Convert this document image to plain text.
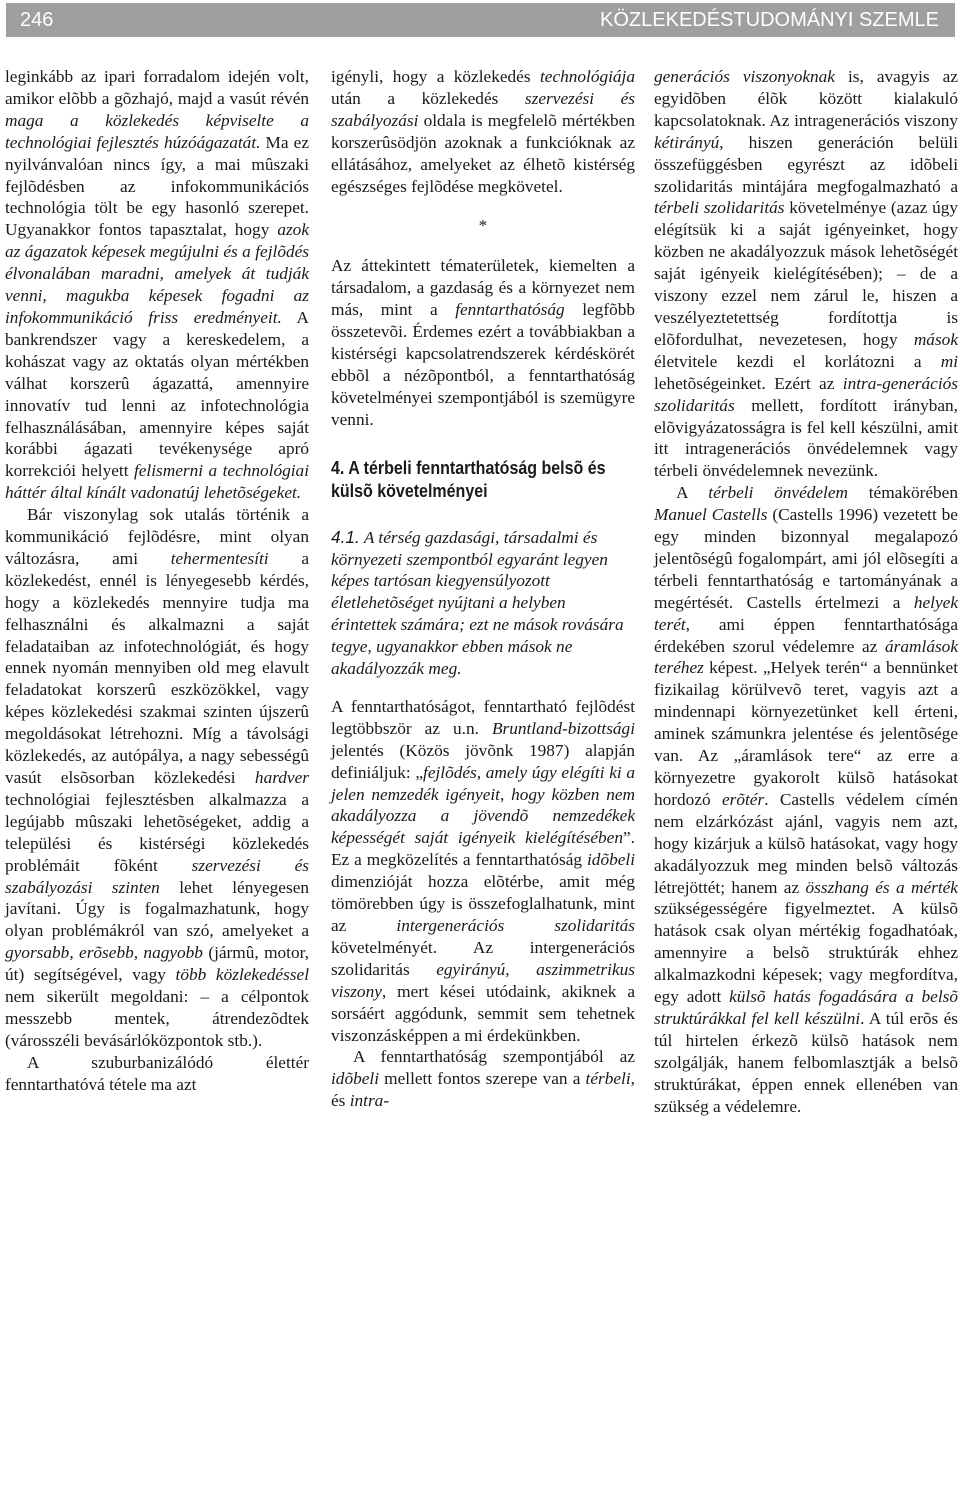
246	KÖZLEKEDÉSTUDOMÁNYI SZEMLE

leginkább az ipari forradalom idején volt, amikor elõbb a gõzhajó, majd a vasút révén maga a közlekedés képviselte a technológiai fejlesztés húzóágazatát. Ma ez nyilvánvalóan nincs így, a mai mûszaki fejlõdésben az infokommunikációs technológia tölt be egy hasonló szerepet. Ugyanakkor fontos tapasztalat, hogy azok az ágazatok képesek megújulni és a fejlõdés élvonalában maradni, amelyek át tudják venni, magukba képesek fogadni az infokommunikáció friss eredményeit. A bankrendszer vagy a kereskedelem, a kohászat vagy az oktatás olyan mértékben válhat korszerû ágazattá, amennyire innovatív tud lenni az infotechnológia felhasználásában, amennyire képes saját korábbi ágazati tevékenysége apró korrekciói helyett felismerni a technológiai háttér által kínált vadonatúj lehetõségeket.

Bár viszonylag sok utalás történik a kommunikáció fejlõdésre, mint olyan változásra, ami tehermentesíti a közlekedést, ennél is lényegesebb kérdés, hogy a közlekedés mennyire tudja ma felhasználni és alkalmazni a saját feladataiban az infotechnológiát, és hogy ennek nyomán mennyiben old meg elavult feladatokat korszerû eszközökkel, vagy képes közlekedési szakmai szinten újszerû megoldásokat létrehozni. Míg a távolsági közlekedés, az autópálya, a nagy sebességû vasút elsõsorban közlekedési hardver technológiai fejlesztésben alkalmazza a legújabb mûszaki lehetõségeket, addig a települési és kistérségi közlekedés problémáit fõként szervezési és szabályozási szinten lehet lényegesen javítani. Úgy is fogalmazhatunk, hogy olyan problémákról van szó, amelyeket a gyorsabb, erõsebb, nagyobb (jármû, motor, út) segítségével, vagy több közlekedéssel nem sikerült megoldani: – a célpontok messzebb mentek, átrendezõdtek (városszéli bevásárlóközpontok stb.).

A szuburbanizálódó élettér fenntarthatóvá tétele ma azt

igényli, hogy a közlekedés technológiája után a közlekedés szervezési és szabályozási oldala is megfelelõ mértékben korszerûsödjön azoknak a funkcióknak az ellátásához, amelyeket az élhetõ kistérség egészséges fejlõdése megkövetel.

*

Az áttekintett tématerületek, kiemelten a társadalom, a gazdaság és a környezet nem más, mint a fenntarthatóság legfõbb összetevõi. Érdemes ezért a továbbiakban a kistérségi kapcsolatrendszerek kérdéskörét ebbõl a nézõpontból, a fenntarthatóság követelményei szempontjából is szemügyre venni.

4. A térbeli fenntarthatóság belsõ és külsõ követelményei
4.1. A térség gazdasági, társadalmi és környezeti szempontból egyaránt legyen képes tartósan kiegyensúlyozott életlehetõséget nyújtani a helyben érintettek számára; ezt ne mások rovására tegye, ugyanakkor ebben mások ne akadályozzák meg.

A fenntarthatóságot, fenntartható fejlõdést legtöbbször az u.n. Bruntland-bizottsági jelentés (Közös jövõnk 1987) alapján definiáljuk: „fejlõdés, amely úgy elégíti ki a jelen nemzedék igényeit, hogy közben nem akadályozza a jövendõ nemzedékek képességét saját igényeik kielégítésében”. Ez a megközelítés a fenntarthatóság idõbeli dimenzióját hozza elõtérbe, amit még tömörebben úgy is összefoglalhatunk, mint az intergenerációs szolidaritás követelményét. Az intergenerációs szolidaritás egyirányú, aszimmetrikus viszony, mert kései utódaink, akiknek a sorsáért aggódunk, semmit sem tehetnek viszonzásképpen a mi érdekünkben.

A fenntarthatóság szempontjából az idõbeli mellett fontos szerepe van a térbeli, és intra-

generációs viszonyoknak is, avagyis az egyidõben élõk között kialakuló kapcsolatoknak. Az intragenerációs viszony kétirányú, hiszen generáción belüli összefüggésben egyrészt az idõbeli szolidaritás mintájára megfogalmazható a térbeli szolidaritás követelménye (azaz úgy elégítsük ki a saját igényeinket, hogy közben ne akadályozzuk mások lehetõségét saját igényeik kielégítésében); – de a viszony ezzel nem zárul le, hiszen a veszélyeztetettség fordítottja is elõfordulhat, nevezetesen, hogy mások életvitele kezdi el korlátozni a mi lehetõségeinket. Ezért az intra-generációs szolidaritás mellett, fordított irányban, elõvigyázatosságra is fel kell készülni, amit itt intragenerációs önvédelemnek vagy térbeli önvédelemnek nevezünk.

A térbeli önvédelem témakörében Manuel Castells (Castells 1996) vezetett be egy minden bizonnyal megalapozó jelentõségû fogalompárt, ami jól elõsegíti a térbeli fenntarthatóság e tartományának a megértését. Castells értelmezi a helyek terét, ami éppen fenntarthatósága érdekében szorul védelemre az áramlások teréhez képest. „Helyek terén“ a bennünket fizikailag körülvevõ teret, vagyis azt a mindennapi környezetünket kell érteni, aminek számunkra jelentése és jelentõsége van. Az „áramlások tere“ az erre a környezetre gyakorolt külsõ hatásokat hordozó erõtér. Castells védelem címén nem elzárkózást ajánl, vagyis nem azt, hogy kizárjuk a külsõ hatásokat, vagy hogy akadályozzuk meg minden belsõ változás létrejöttét; hanem az összhang és a mérték szükségességére figyelmeztet. A külsõ hatások csak olyan mértékig fogadhatóak, amennyire a belsõ struktúrák ehhez alkalmazkodni képesek; vagy megfordítva, egy adott külsõ hatás fogadására a belsõ struktúrákkal fel kell készülni. A túl erõs és túl hirtelen érkezõ külsõ hatások nem szolgálják, hanem felbomlasztják a belsõ struktúrákat, éppen ennek ellenében van szükség a védelemre.
